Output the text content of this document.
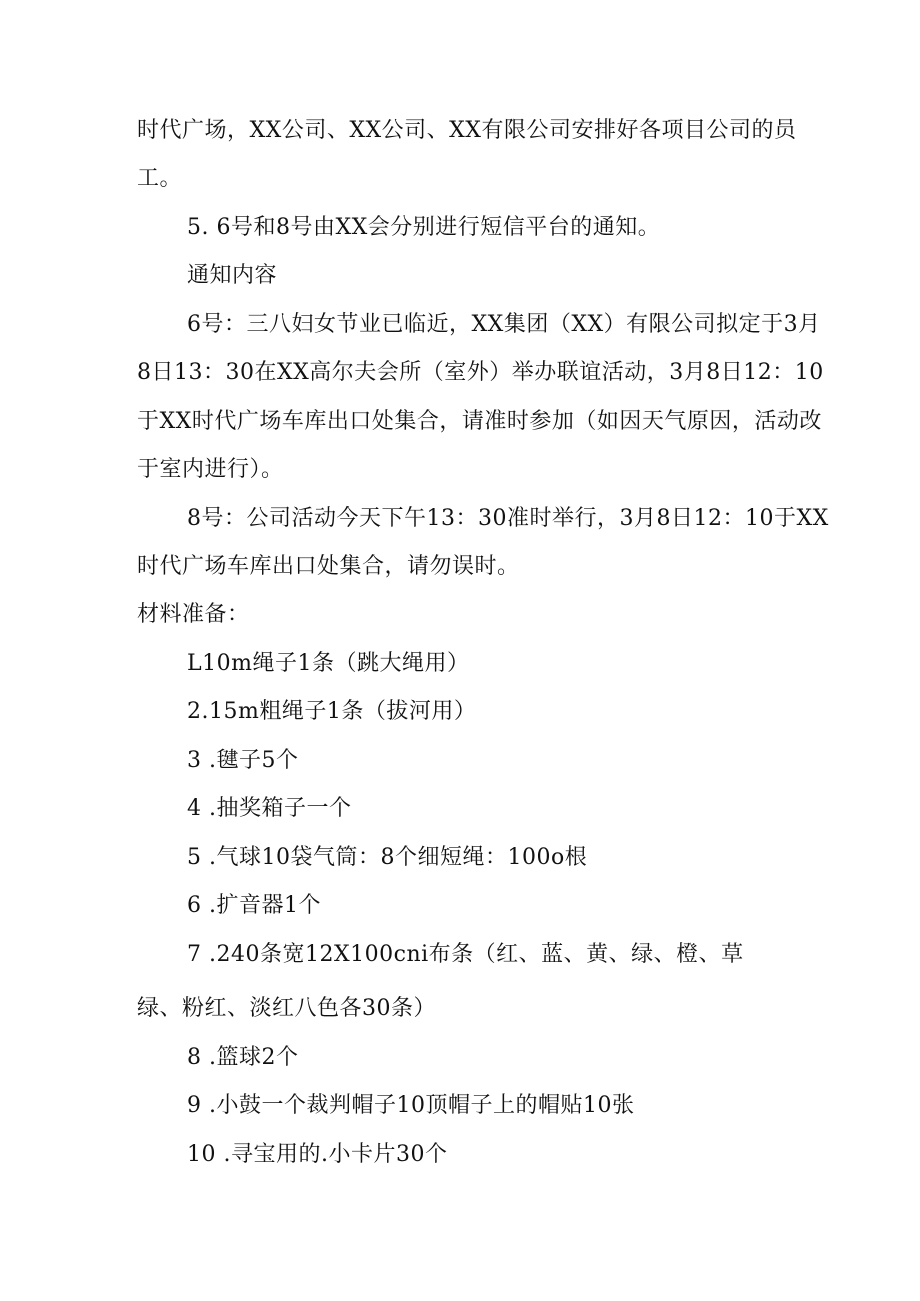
时代广场，XX公司、XX公司、XX有限公司安排好各项目公司的员
工。
5. 6号和8号由XX会分别进行短信平台的通知。
通知内容
6号：三八妇女节业已临近，XX集团（XX）有限公司拟定于3月
8日13：30在XX高尔夫会所（室外）举办联谊活动，3月8日12：10
于XX时代广场车库出口处集合，请准时参加（如因天气原因，活动改
于室内进行）。
8号：公司活动今天下午13：30准时举行，3月8日12：10于XX
时代广场车库出口处集合，请勿误时。
材料准备：
L10m绳子1条（跳大绳用）
2.15m粗绳子1条（拔河用）
3 .毽子5个
4 .抽奖箱子一个
5 .气球10袋气筒：8个细短绳：100o根
6 .扩音器1个
7 .240条宽12X100cni布条（红、蓝、黄、绿、橙、草
绿、粉红、淡红八色各30条）
8 .篮球2个
9 .小鼓一个裁判帽子10顶帽子上的帽贴10张
10 .寻宝用的.小卡片30个
